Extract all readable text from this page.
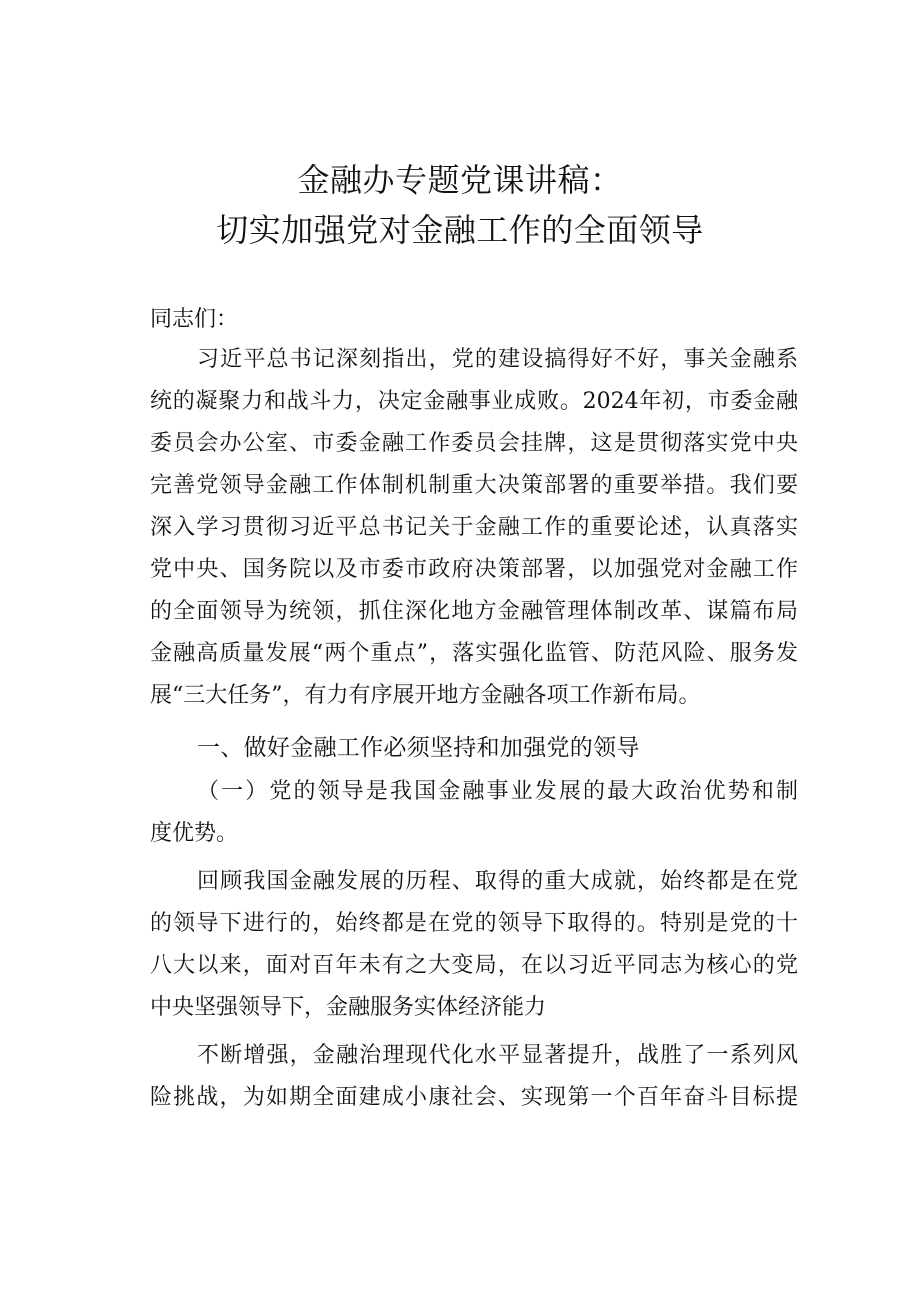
金融办专题党课讲稿：
切实加强党对金融工作的全面领导

同志们：

习近平总书记深刻指出，党的建设搞得好不好，事关金融系

统的凝聚力和战斗力，决定金融事业成败。2024年初，市委金融

委员会办公室、市委金融工作委员会挂牌，这是贯彻落实党中央

完善党领导金融工作体制机制重大决策部署的重要举措。我们要

深入学习贯彻习近平总书记关于金融工作的重要论述，认真落实

党中央、国务院以及市委市政府决策部署，以加强党对金融工作

的全面领导为统领，抓住深化地方金融管理体制改革、谋篇布局

金融高质量发展“两个重点”，落实强化监管、防范风险、服务发

展“三大任务”，有力有序展开地方金融各项工作新布局。

一、做好金融工作必须坚持和加强党的领导

（一）党的领导是我国金融事业发展的最大政治优势和制

度优势。

回顾我国金融发展的历程、取得的重大成就，始终都是在党

的领导下进行的，始终都是在党的领导下取得的。特别是党的十

八大以来，面对百年未有之大变局，在以习近平同志为核心的党

中央坚强领导下，金融服务实体经济能力

不断增强，金融治理现代化水平显著提升，战胜了一系列风

险挑战，为如期全面建成小康社会、实现第一个百年奋斗目标提
